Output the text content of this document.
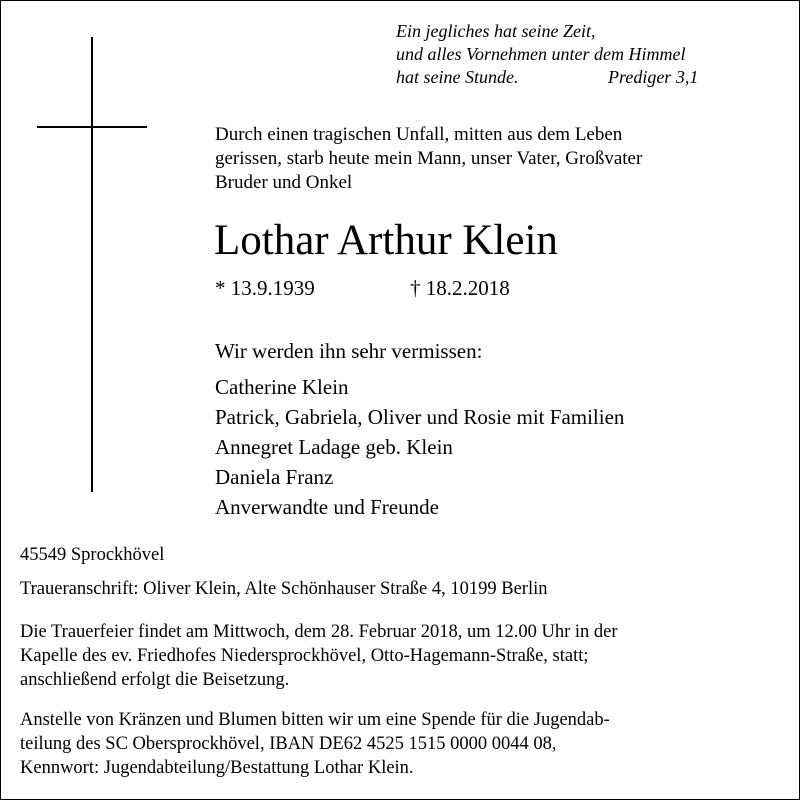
Ein jegliches hat seine Zeit,
und alles Vornehmen unter dem Himmel
hat seine Stunde.	Prediger 3,1
Durch einen tragischen Unfall, mitten aus dem Leben
gerissen, starb heute mein Mann, unser Vater, Großvater
Bruder und Onkel
Lothar Arthur Klein
* 13.9.1939	† 18.2.2018
Wir werden ihn sehr vermissen:
Catherine Klein
Patrick, Gabriela, Oliver und Rosie mit Familien
Annegret Ladage geb. Klein
Daniela Franz
Anverwandte und Freunde
45549 Sprockhövel
Traueranschrift: Oliver Klein, Alte Schönhauser Straße 4, 10199 Berlin
Die Trauerfeier findet am Mittwoch, dem 28. Februar 2018, um 12.00 Uhr in der
Kapelle des ev. Friedhofes Niedersprockhövel, Otto-Hagemann-Straße, statt;
anschließend erfolgt die Beisetzung.
Anstelle von Kränzen und Blumen bitten wir um eine Spende für die Jugendab-
teilung des SC Obersprockhövel, IBAN DE62 4525 1515 0000 0044 08,
Kennwort: Jugendabteilung/Bestattung Lothar Klein.
